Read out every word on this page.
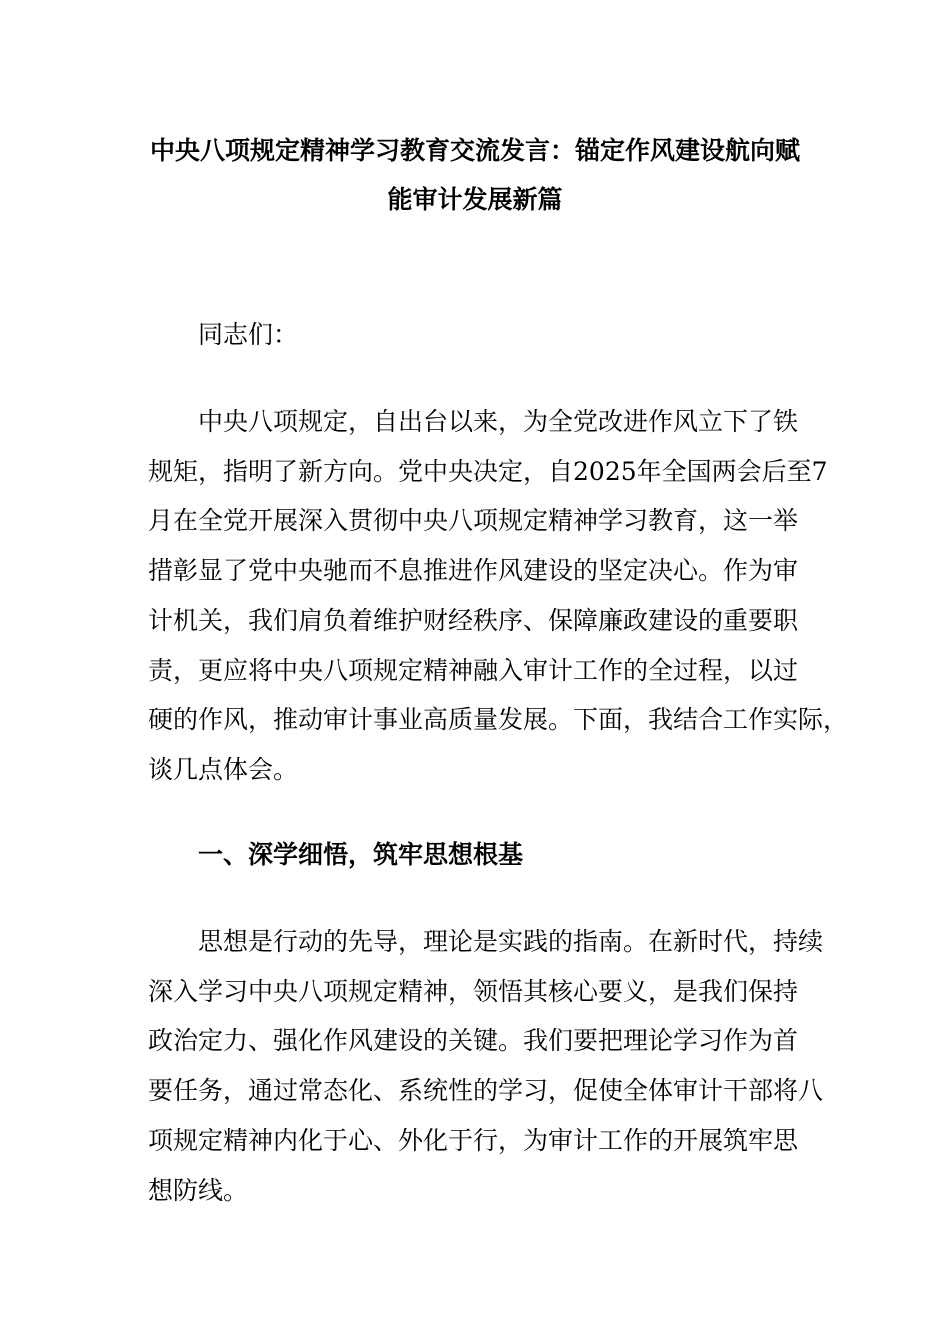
中央八项规定精神学习教育交流发言：锚定作风建设航向赋
能审计发展新篇

同志们：

中央八项规定，自出台以来，为全党改进作风立下了铁
规矩，指明了新方向。党中央决定，自2025年全国两会后至7
月在全党开展深入贯彻中央八项规定精神学习教育，这一举
措彰显了党中央驰而不息推进作风建设的坚定决心。作为审
计机关，我们肩负着维护财经秩序、保障廉政建设的重要职
责，更应将中央八项规定精神融入审计工作的全过程，以过
硬的作风，推动审计事业高质量发展。下面，我结合工作实际，
谈几点体会。

一、深学细悟，筑牢思想根基

思想是行动的先导，理论是实践的指南。在新时代，持续
深入学习中央八项规定精神，领悟其核心要义，是我们保持
政治定力、强化作风建设的关键。我们要把理论学习作为首
要任务，通过常态化、系统性的学习，促使全体审计干部将八
项规定精神内化于心、外化于行，为审计工作的开展筑牢思
想防线。
